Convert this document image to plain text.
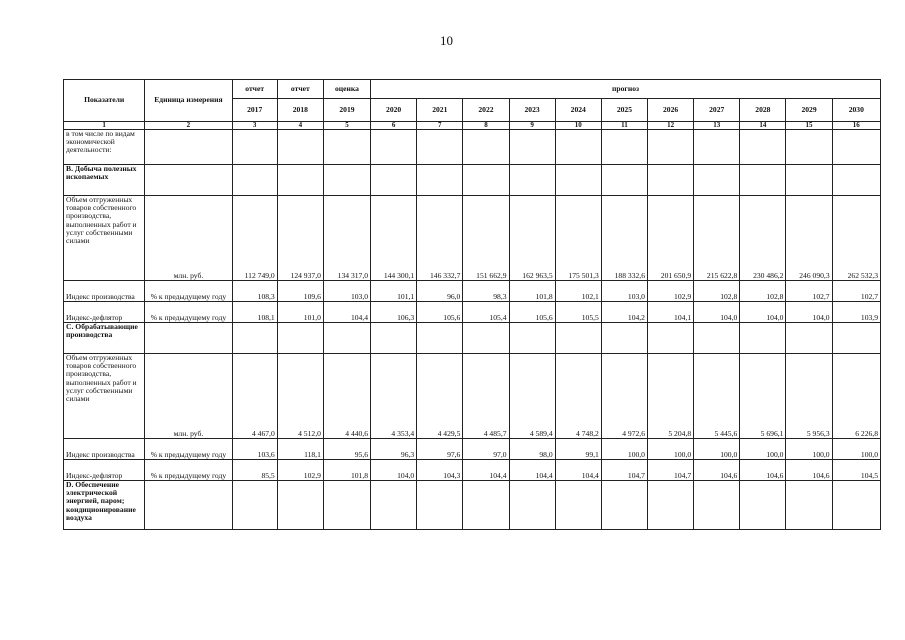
10
Показатели	Единица измерения	отчет	отчет	оценка	прогноз										
		2017	2018	2019	2020	2021	2022	2023	2024	2025	2026	2027	2028	2029	2030
1	2	3	4	5	6	7	8	9	10	11	12	13	14	15	16
в том числе по видам экономической деятельности:															
B. Добыча полезных ископаемых															
Объем отгруженных товаров собственного производства, выполненных работ и услуг собственными силами	млн. руб.	112 749,0	124 937,0	134 317,0	144 300,1	146 332,7	151 662,9	162 963,5	175 501,3	188 332,6	201 650,9	215 622,8	230 486,2	246 090,3	262 532,3
Индекс производства	% к предыдущему году	108,3	109,6	103,0	101,1	96,0	98,3	101,8	102,1	103,0	102,9	102,8	102,8	102,7	102,7
Индекс-дефлятор	% к предыдущему году	108,1	101,0	104,4	106,3	105,6	105,4	105,6	105,5	104,2	104,1	104,0	104,0	104,0	103,9
C. Обрабатывающие производства															
Объем отгруженных товаров собственного производства, выполненных работ и услуг собственными силами	млн. руб.	4 467,0	4 512,0	4 440,6	4 353,4	4 429,5	4 485,7	4 589,4	4 748,2	4 972,6	5 204,8	5 445,6	5 696,1	5 956,3	6 226,8
Индекс производства	% к предыдущему году	103,6	118,1	95,6	96,3	97,6	97,0	98,0	99,1	100,0	100,0	100,0	100,0	100,0	100,0
Индекс-дефлятор	% к предыдущему году	85,5	102,9	101,8	104,0	104,3	104,4	104,4	104,4	104,7	104,7	104,6	104,6	104,6	104,5
D. Обеспечение электрической энергией, паром; кондиционирование воздуха															
